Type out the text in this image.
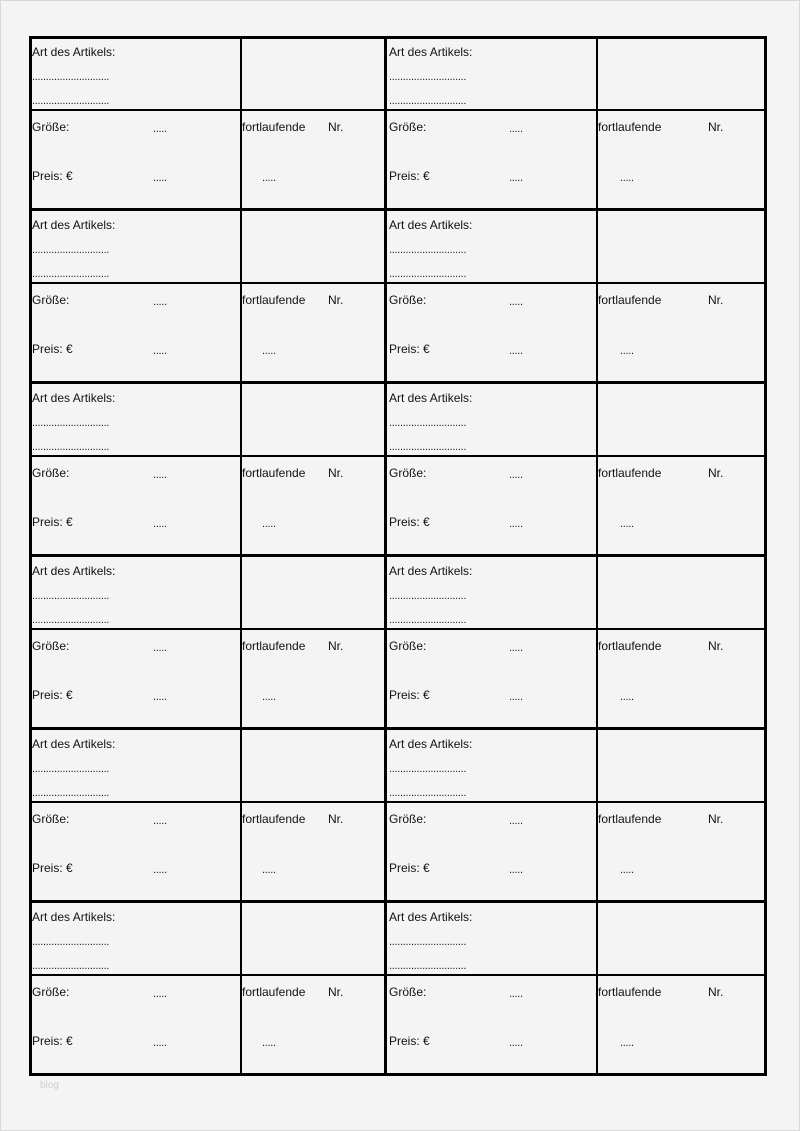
Art des Artikels:
............................
............................
Größe:	.....	fortlaufende Nr.
Preis: €	.....	.....
Art des Artikels:
............................
............................
Größe:	.....	fortlaufende	Nr.
Preis: €	.....	.....
Art des Artikels:
............................
............................
Größe:	.....	fortlaufende Nr.
Preis: €	.....	.....
Art des Artikels:
............................
............................
Größe:	.....	fortlaufende	Nr.
Preis: €	.....	.....
Art des Artikels:
............................
............................
Größe:	.....	fortlaufende Nr.
Preis: €	.....	.....
Art des Artikels:
............................
............................
Größe:	.....	fortlaufende	Nr.
Preis: €	.....	.....
Art des Artikels:
............................
............................
Größe:	.....	fortlaufende Nr.
Preis: €	.....	.....
Art des Artikels:
............................
............................
Größe:	.....	fortlaufende	Nr.
Preis: €	.....	.....
Art des Artikels:
............................
............................
Größe:	.....	fortlaufende Nr.
Preis: €	.....	.....
Art des Artikels:
............................
............................
Größe:	.....	fortlaufende	Nr.
Preis: €	.....	.....
Art des Artikels:
............................
............................
Größe:	.....	fortlaufende Nr.
Preis: €	.....	.....
Art des Artikels:
............................
............................
Größe:	.....	fortlaufende	Nr.
Preis: €	.....	.....
blog
